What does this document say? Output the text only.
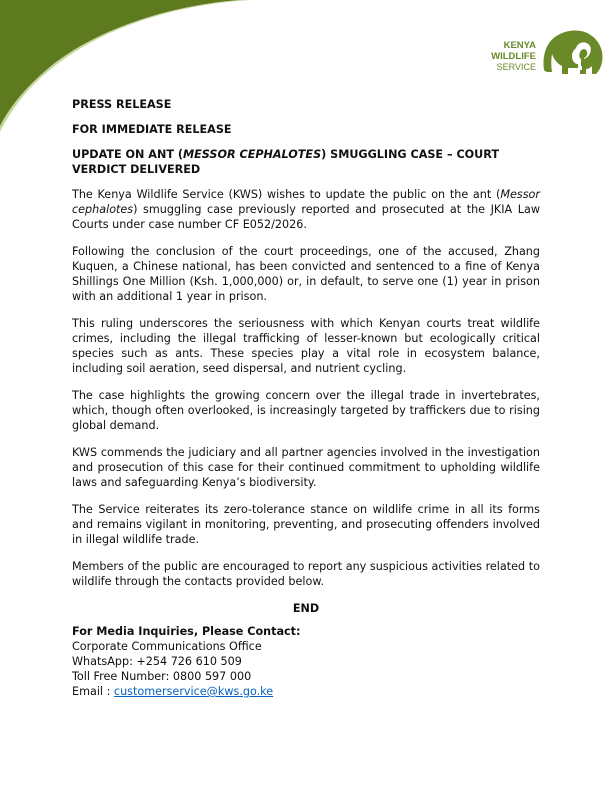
KENYA
WILDLIFE
SERVICE
PRESS RELEASE
FOR IMMEDIATE RELEASE
UPDATE ON ANT (MESSOR CEPHALOTES) SMUGGLING CASE – COURT VERDICT DELIVERED

The Kenya Wildlife Service (KWS) wishes to update the public on the ant (Messor cephalotes) smuggling case previously reported and prosecuted at the JKIA Law Courts under case number CF E052/2026.

Following the conclusion of the court proceedings, one of the accused, Zhang Kuquen, a Chinese national, has been convicted and sentenced to a fine of Kenya Shillings One Million (Ksh. 1,000,000) or, in default, to serve one (1) year in prison with an additional 1 year in prison.

This ruling underscores the seriousness with which Kenyan courts treat wildlife crimes, including the illegal trafficking of lesser-known but ecologically critical species such as ants. These species play a vital role in ecosystem balance, including soil aeration, seed dispersal, and nutrient cycling.

The case highlights the growing concern over the illegal trade in invertebrates, which, though often overlooked, is increasingly targeted by traffickers due to rising global demand.

KWS commends the judiciary and all partner agencies involved in the investigation and prosecution of this case for their continued commitment to upholding wildlife laws and safeguarding Kenya’s biodiversity.

The Service reiterates its zero-tolerance stance on wildlife crime in all its forms and remains vigilant in monitoring, preventing, and prosecuting offenders involved in illegal wildlife trade.

Members of the public are encouraged to report any suspicious activities related to wildlife through the contacts provided below.

END
For Media Inquiries, Please Contact:
Corporate Communications Office
WhatsApp: +254 726 610 509
Toll Free Number: 0800 597 000
Email : customerservice@kws.go.ke
